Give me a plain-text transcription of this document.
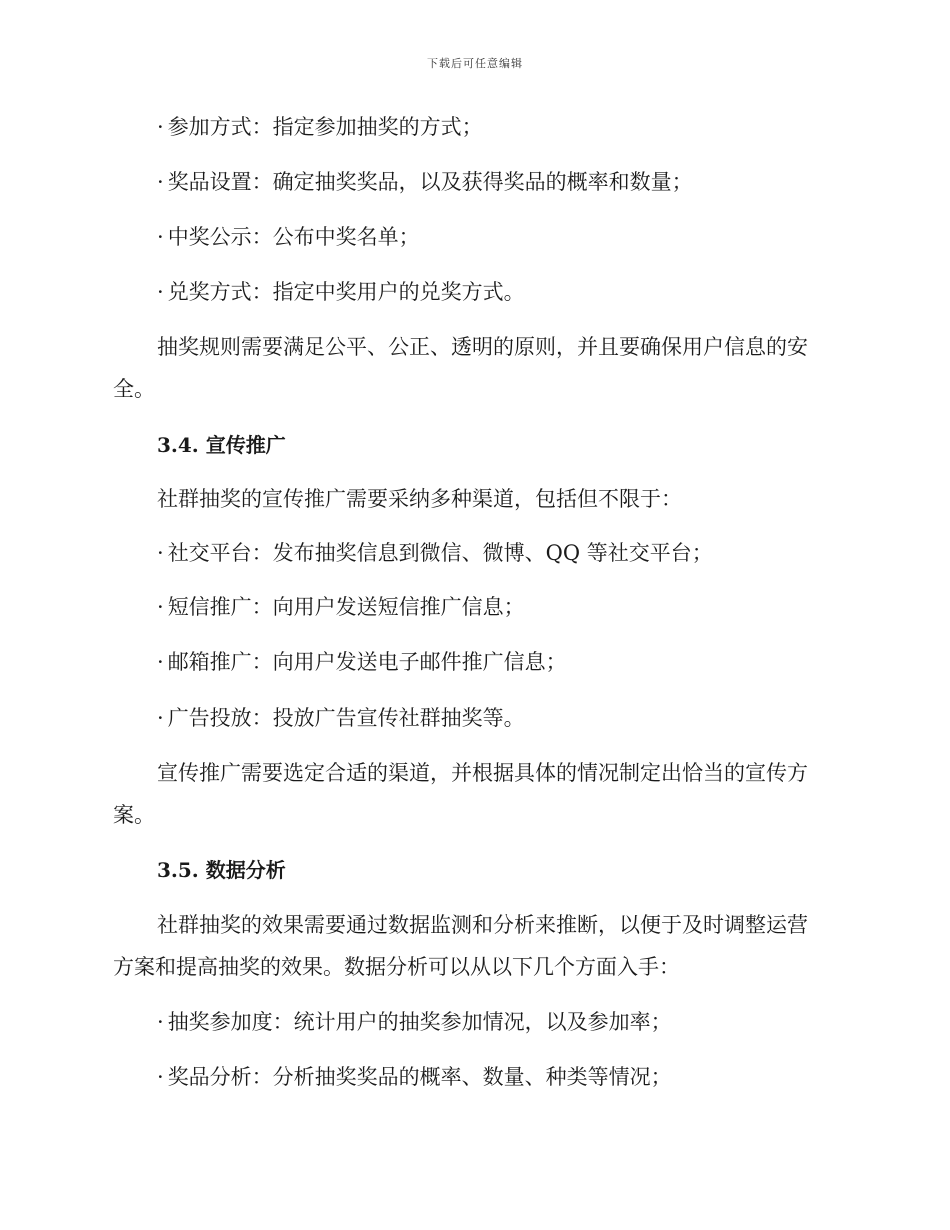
下载后可任意编辑
· 参加方式：指定参加抽奖的方式；
· 奖品设置：确定抽奖奖品，以及获得奖品的概率和数量；
· 中奖公示：公布中奖名单；
· 兑奖方式：指定中奖用户的兑奖方式。
抽奖规则需要满足公平、公正、透明的原则，并且要确保用户信息的安
全。
3.4. 宣传推广
社群抽奖的宣传推广需要采纳多种渠道，包括但不限于：
· 社交平台：发布抽奖信息到微信、微博、QQ 等社交平台；
· 短信推广：向用户发送短信推广信息；
· 邮箱推广：向用户发送电子邮件推广信息；
· 广告投放：投放广告宣传社群抽奖等。
宣传推广需要选定合适的渠道，并根据具体的情况制定出恰当的宣传方
案。
3.5. 数据分析
社群抽奖的效果需要通过数据监测和分析来推断，以便于及时调整运营
方案和提高抽奖的效果。数据分析可以从以下几个方面入手：
· 抽奖参加度：统计用户的抽奖参加情况，以及参加率；
· 奖品分析：分析抽奖奖品的概率、数量、种类等情况；
